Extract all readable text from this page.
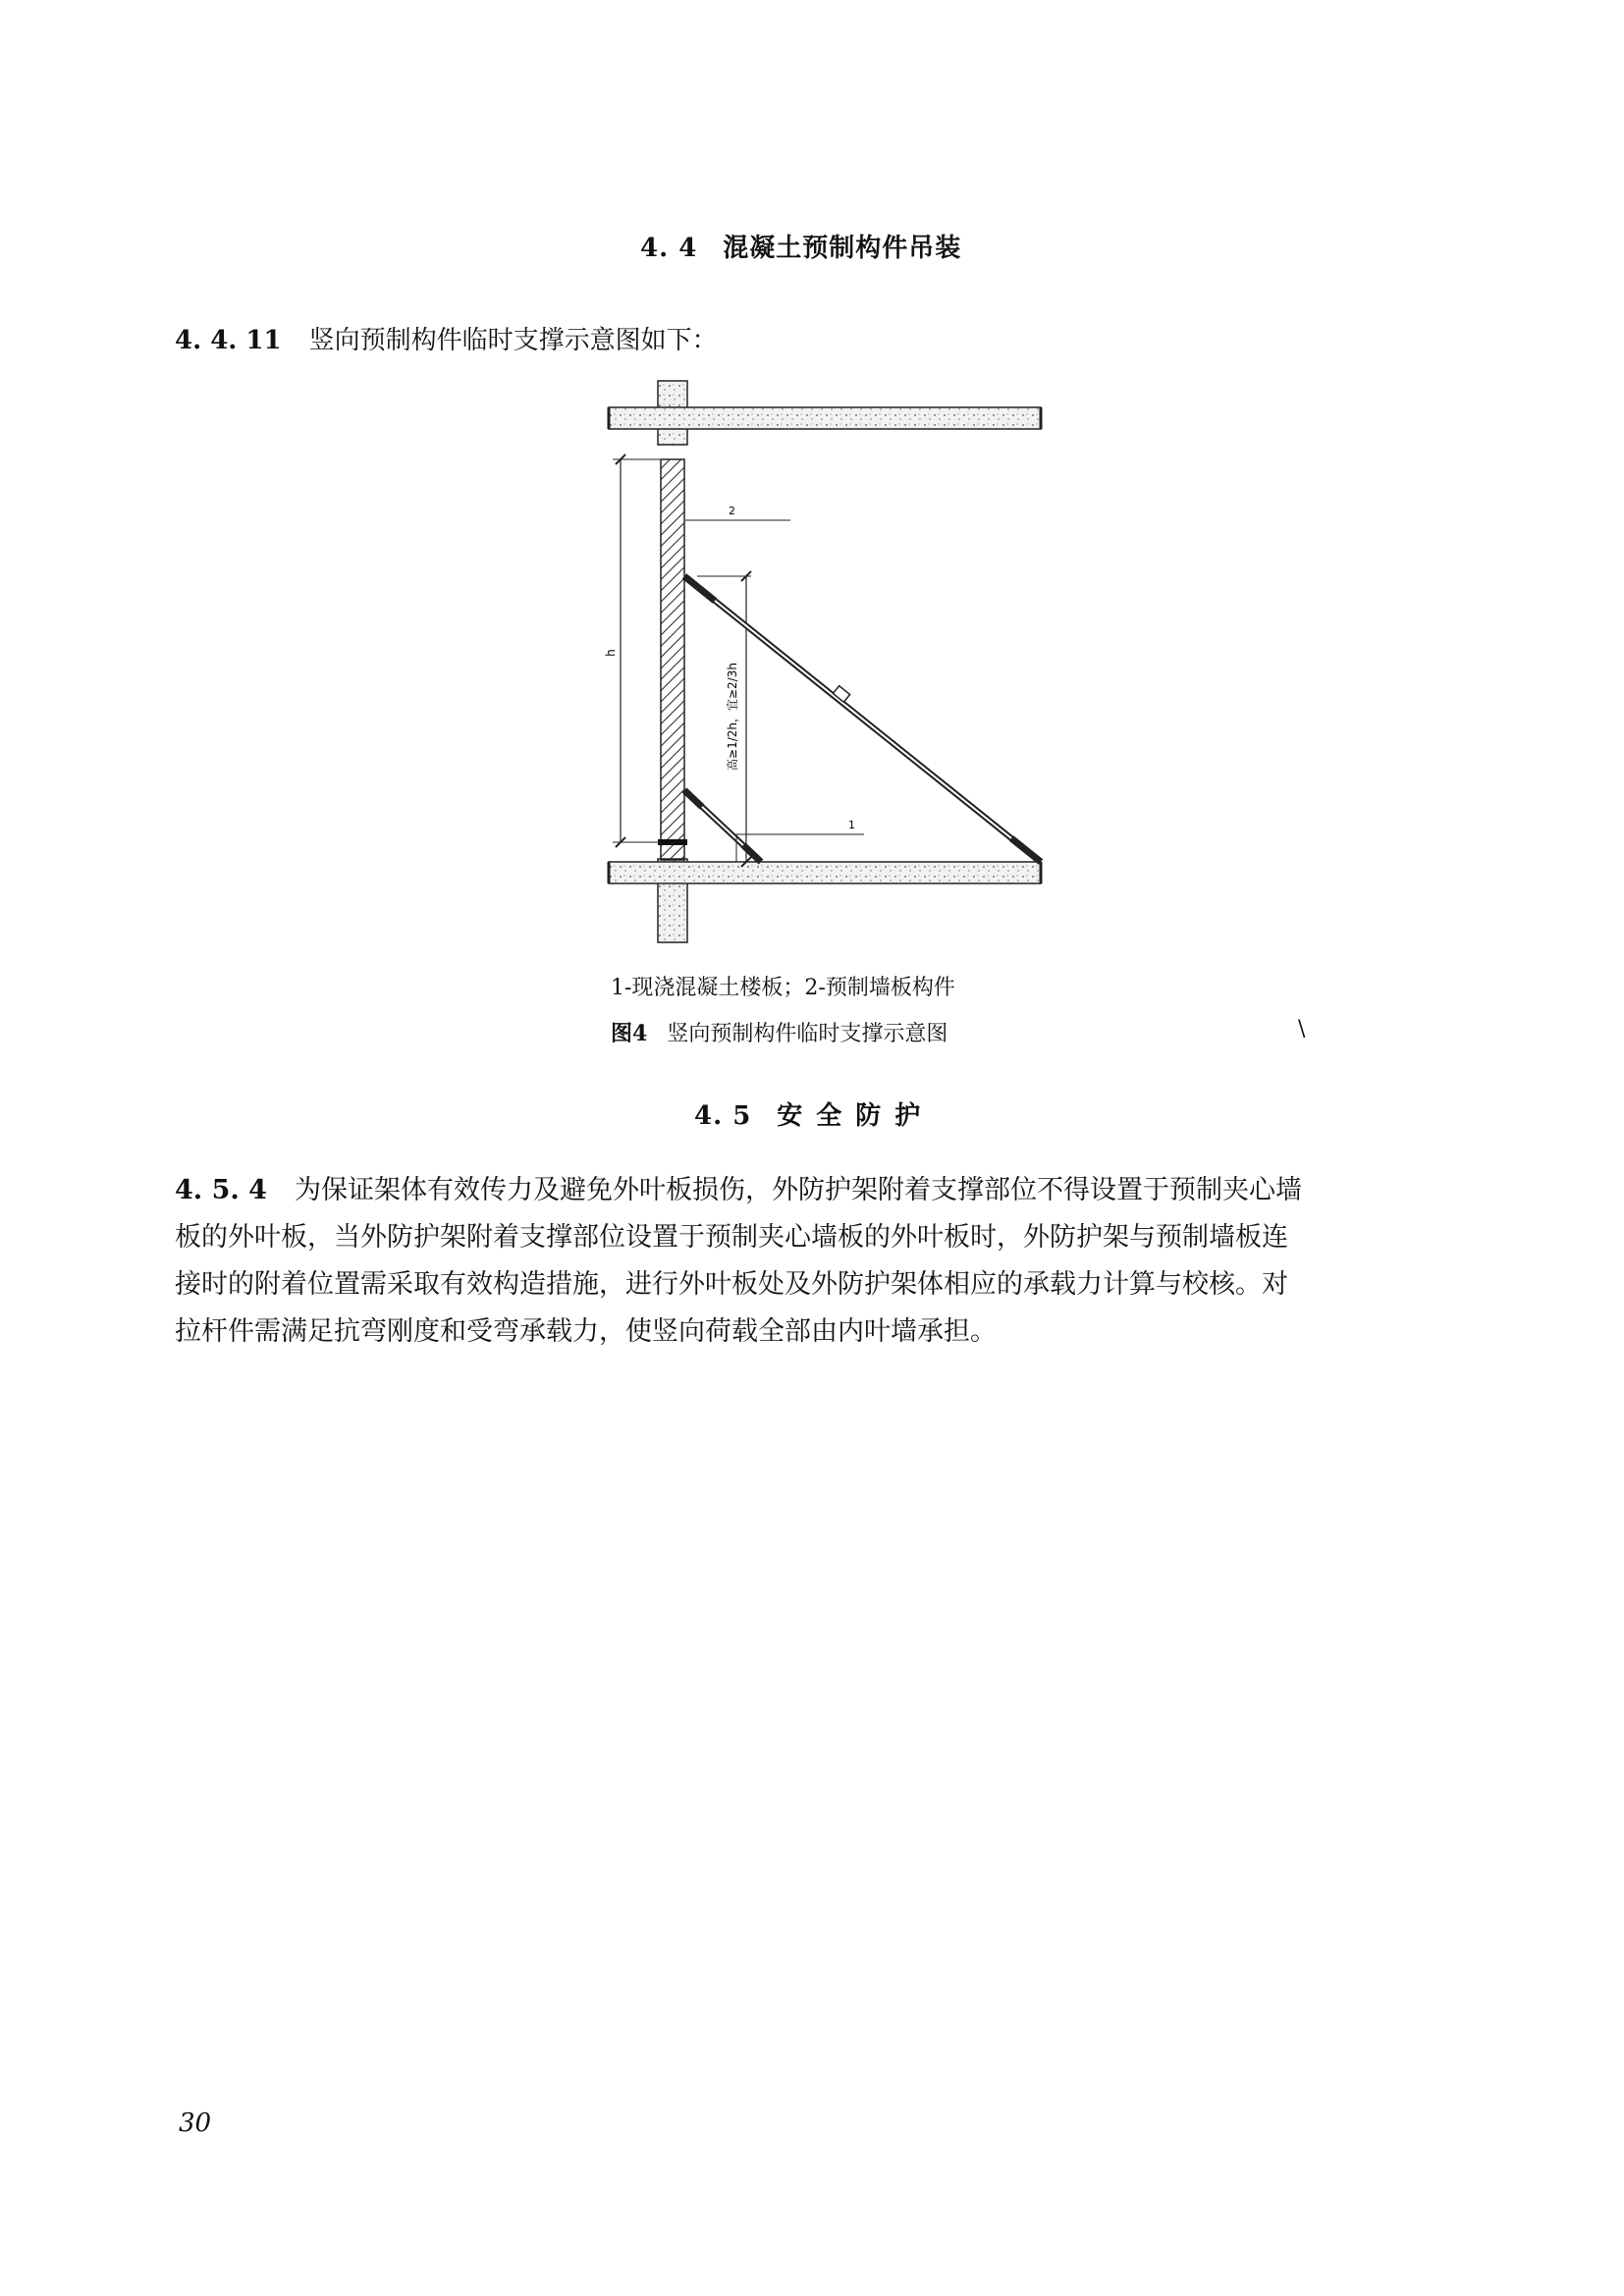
4. 4 混凝土预制构件吊装
4. 4. 11 竖向预制构件临时支撑示意图如下：
h
高≥1/2h，宜≥2/3h
2
1
1-现浇混凝土楼板；2-预制墙板构件
图4 竖向预制构件临时支撑示意图	\
4. 5 安全防护

4. 5. 4 为保证架体有效传力及避免外叶板损伤，外防护架附着支撑部位不得设置于预制夹心墙

板的外叶板，当外防护架附着支撑部位设置于预制夹心墙板的外叶板时，外防护架与预制墙板连

接时的附着位置需采取有效构造措施，进行外叶板处及外防护架体相应的承载力计算与校核。对

拉杆件需满足抗弯刚度和受弯承载力，使竖向荷载全部由内叶墙承担。

30
